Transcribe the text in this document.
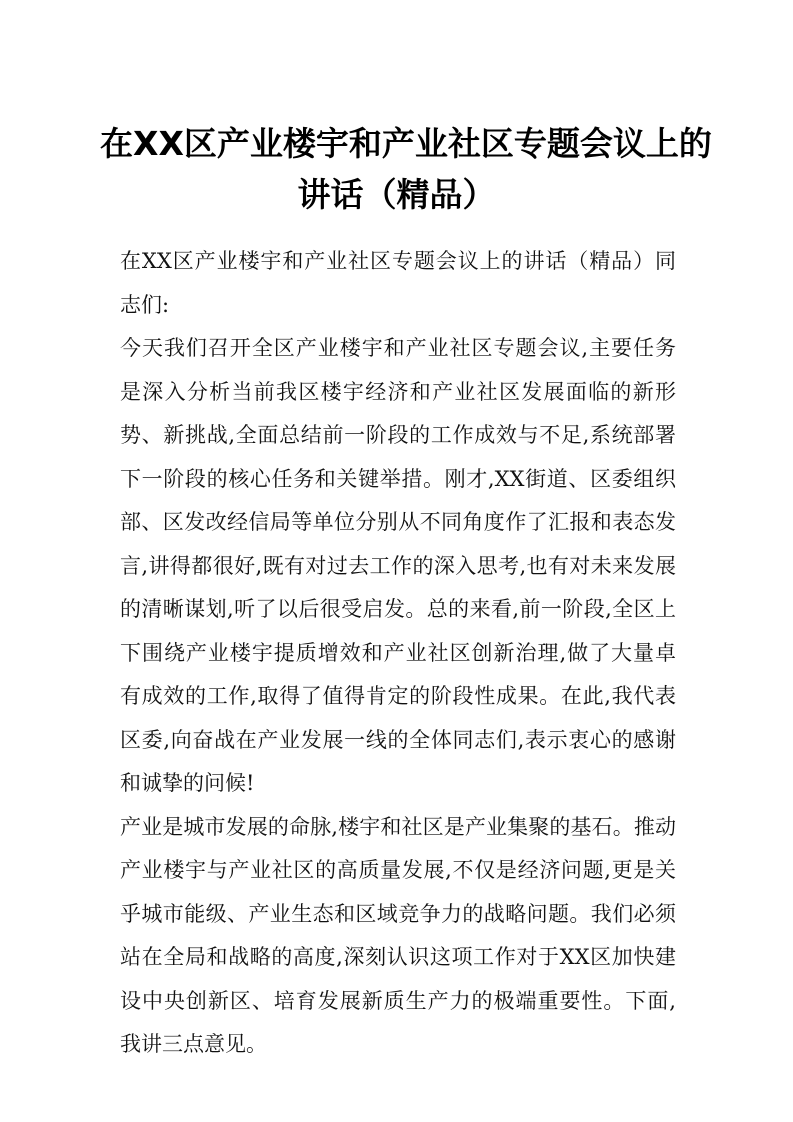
在XX区产业楼宇和产业社区专题会议上的
讲话（精品）
在XX区产业楼宇和产业社区专题会议上的讲话（精品）同
志们:
今天我们召开全区产业楼宇和产业社区专题会议,主要任务
是深入分析当前我区楼宇经济和产业社区发展面临的新形
势、新挑战,全面总结前一阶段的工作成效与不足,系统部署
下一阶段的核心任务和关键举措。刚才,XX街道、区委组织
部、区发改经信局等单位分别从不同角度作了汇报和表态发
言,讲得都很好,既有对过去工作的深入思考,也有对未来发展
的清晰谋划,听了以后很受启发。总的来看,前一阶段,全区上
下围绕产业楼宇提质增效和产业社区创新治理,做了大量卓
有成效的工作,取得了值得肯定的阶段性成果。在此,我代表
区委,向奋战在产业发展一线的全体同志们,表示衷心的感谢
和诚挚的问候!
产业是城市发展的命脉,楼宇和社区是产业集聚的基石。推动
产业楼宇与产业社区的高质量发展,不仅是经济问题,更是关
乎城市能级、产业生态和区域竞争力的战略问题。我们必须
站在全局和战略的高度,深刻认识这项工作对于XX区加快建
设中央创新区、培育发展新质生产力的极端重要性。下面,
我讲三点意见。
